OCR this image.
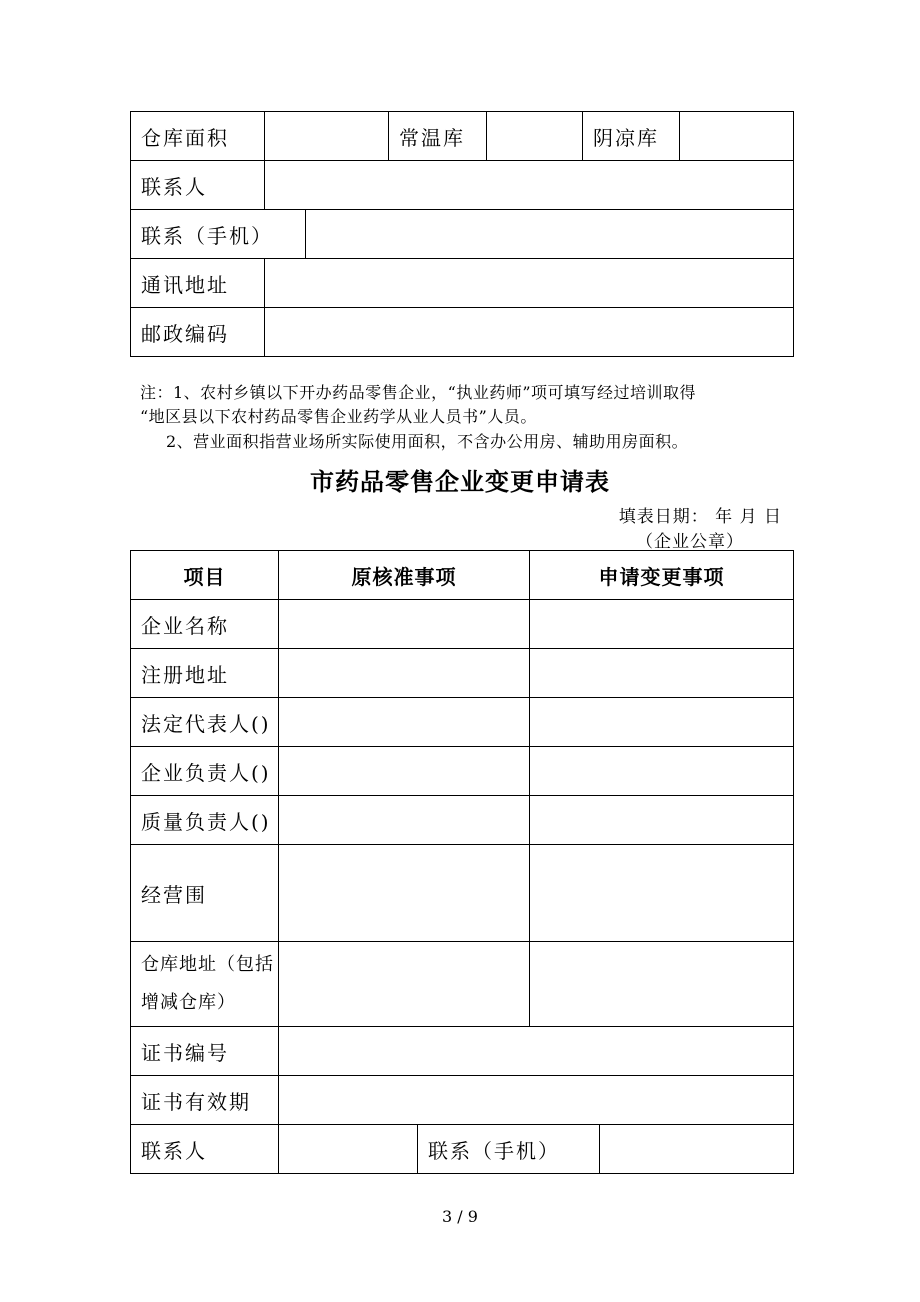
仓库面积			常温库		阴凉库	
联系人						
联系（手机）						
通讯地址						
邮政编码						
注：1、农村乡镇以下开办药品零售企业，“执业药师”项可填写经过培训取得
“地区县以下农村药品零售企业药学从业人员书”人员。
2、营业面积指营业场所实际使用面积，不含办公用房、辅助用房面积。
市药品零售企业变更申请表
填表日期： 年 月 日
（企业公章）
项目	原核准事项		申请变更事项	
企业名称				
注册地址				
法定代表人()				
企业负责人()				
质量负责人()				
经营围				
仓库地址（包括增减仓库）				
证书编号				
证书有效期				
联系人		联系（手机）		
3 / 9
